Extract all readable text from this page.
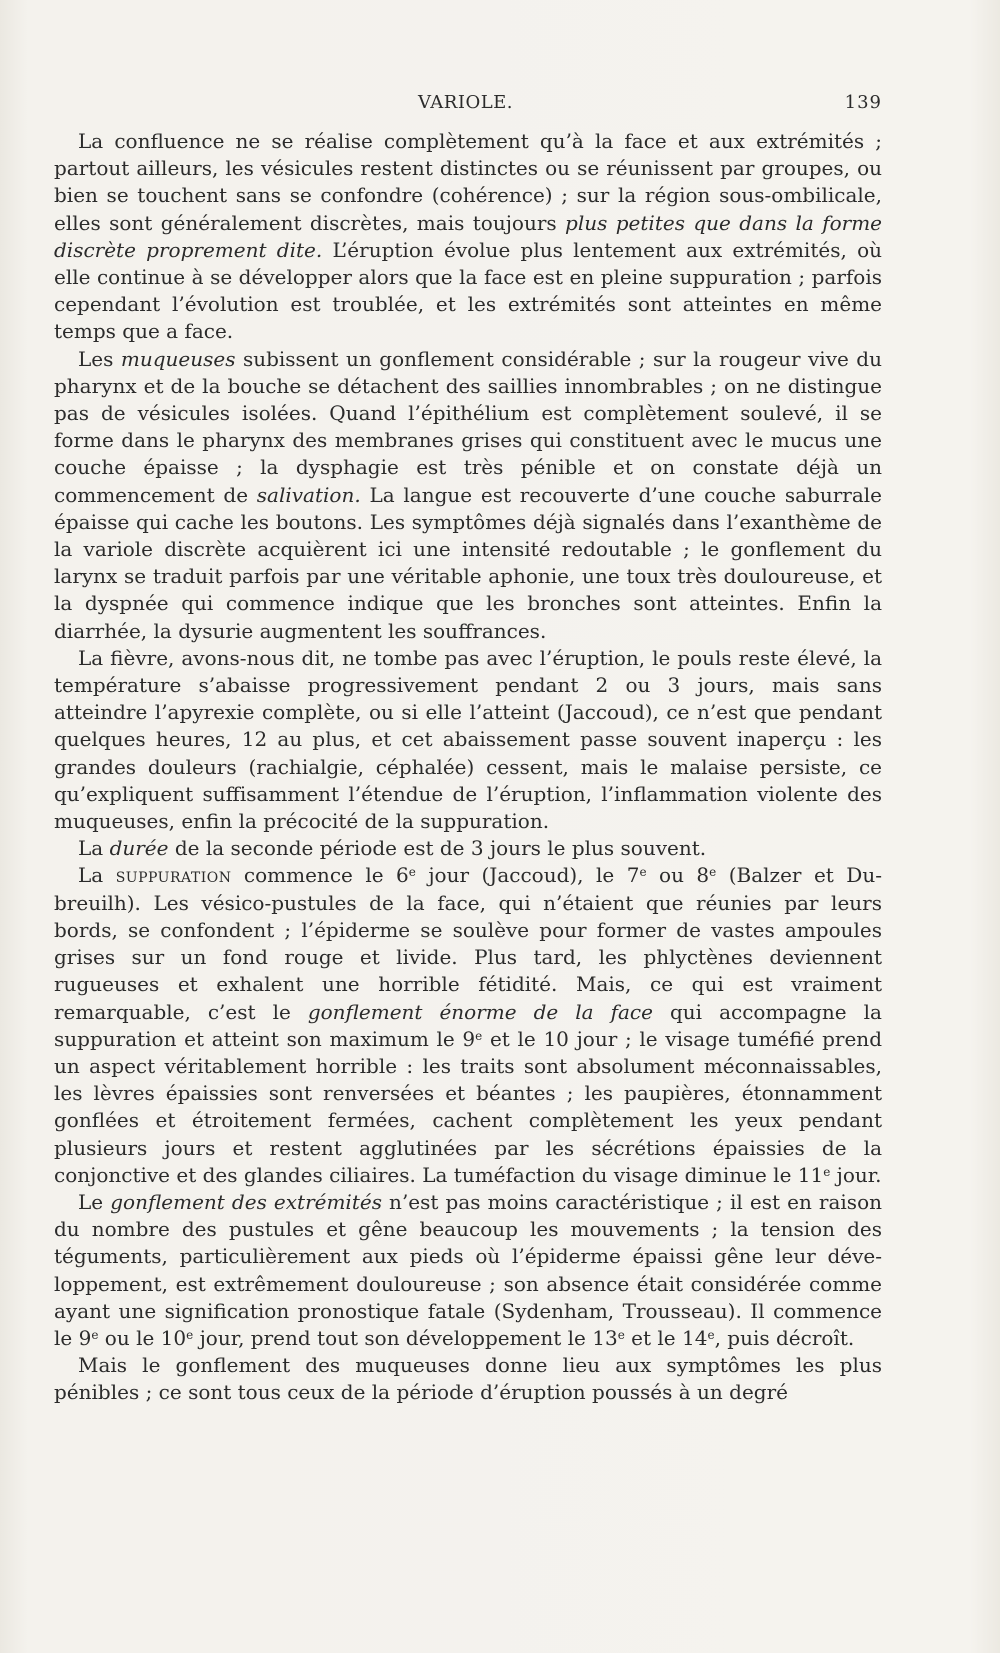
VARIOLE.	139

La confluence ne se réalise complètement qu’à la face et aux extrémités ; partout ailleurs, les vésicules restent distinctes ou se réunissent par groupes, ou bien se touchent sans se confondre (cohérence) ; sur la région sous-ombilicale, elles sont généralement discrètes, mais toujours plus petites que dans la forme discrète proprement dite. L’éruption évolue plus lentement aux extrémités, où elle continue à se développer alors que la face est en pleine suppuration ; parfois cependant l’évolution est troublée, et les extrémités sont atteintes en même temps que a face.

Les muqueuses subissent un gonflement considérable ; sur la rougeur vive du pharynx et de la bouche se détachent des saillies innombrables ; on ne distingue pas de vésicules isolées. Quand l’épithélium est complètement soulevé, il se forme dans le pharynx des membranes grises qui constituent avec le mucus une couche épaisse ; la dysphagie est très pénible et on constate déjà un commencement de salivation. La langue est recouverte d’une couche saburrale épaisse qui cache les boutons. Les symptômes déjà signalés dans l’exanthème de la variole discrète acquièrent ici une intensité redoutable ; le gonflement du larynx se traduit parfois par une véritable aphonie, une toux très douloureuse, et la dyspnée qui commence indique que les bronches sont atteintes. Enfin la diarrhée, la dysurie augmentent les souffrances.

La fièvre, avons-nous dit, ne tombe pas avec l’éruption, le pouls reste élevé, la température s’abaisse progressivement pendant 2 ou 3 jours, mais sans atteindre l’apyrexie complète, ou si elle l’atteint (Jaccoud), ce n’est que pendant quelques heures, 12 au plus, et cet abaissement passe souvent inaperçu : les grandes douleurs (rachialgie, céphalée) cessent, mais le malaise persiste, ce qu’expliquent suffisamment l’étendue de l’éruption, l’inflammation violente des muqueuses, enfin la précocité de la suppuration.

La durée de la seconde période est de 3 jours le plus souvent.

La suppuration commence le 6e jour (Jaccoud), le 7e ou 8e (Balzer et Dubreuilh). Les vésico-pustules de la face, qui n’étaient que réunies par leurs bords, se confondent ; l’épiderme se soulève pour former de vastes ampoules grises sur un fond rouge et livide. Plus tard, les phlyctènes deviennent rugueuses et exhalent une horrible fétidité. Mais, ce qui est vraiment remarquable, c’est le gonflement énorme de la face qui accompagne la suppuration et atteint son maximum le 9e et le 10 jour ; le visage tuméfié prend un aspect véritablement horrible : les traits sont absolument méconnaissables, les lèvres épaissies sont renversées et béantes ; les paupières, étonnamment gonflées et étroitement fermées, cachent complètement les yeux pendant plusieurs jours et restent agglutinées par les sécrétions épaissies de la conjonctive et des glandes ciliaires. La tuméfaction du visage diminue le 11e jour.

Le gonflement des extrémités n’est pas moins caractéristique ; il est en raison du nombre des pustules et gêne beaucoup les mouvements ; la tension des téguments, particulièrement aux pieds où l’épiderme épaissi gêne leur développement, est extrêmement douloureuse ; son absence était considérée comme ayant une signification pronostique fatale (Sydenham, Trousseau). Il commence le 9e ou le 10e jour, prend tout son développement le 13e et le 14e, puis décroît.

Mais le gonflement des muqueuses donne lieu aux symptômes les plus pénibles ; ce sont tous ceux de la période d’éruption poussés à un degré
